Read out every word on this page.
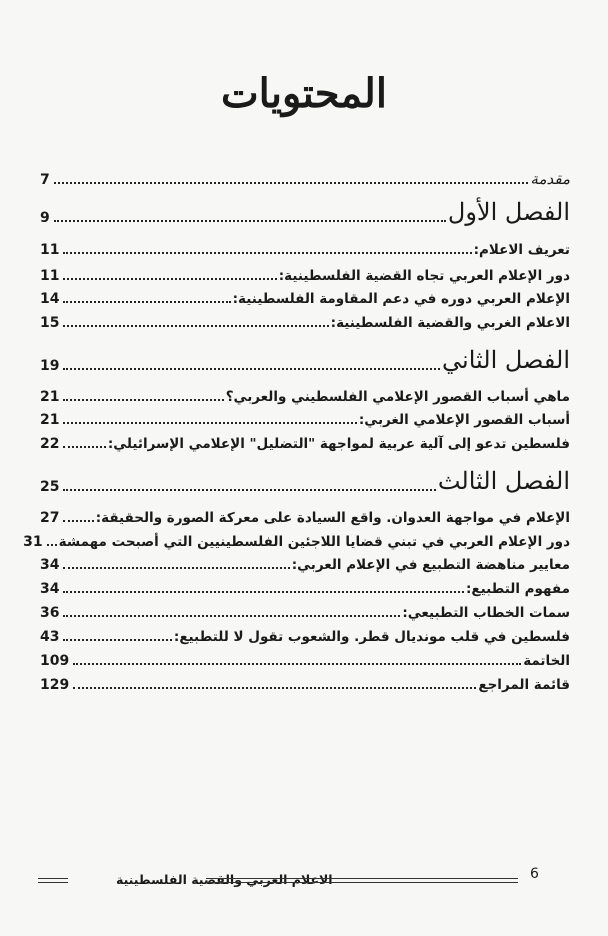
المحتويات
مقدمة
7
الفصل الأول
9
تعريف الاعلام:
11
دور الإعلام العربي تجاه القضية الفلسطينية:
11
الإعلام العربي دوره في دعم المقاومة الفلسطينية:
14
الاعلام الغربي والقضية الفلسطينية:
15
الفصل الثاني
19
ماهي أسباب القصور الإعلامي الفلسطيني والعربي؟
21
أسباب القصور الإعلامي الغربي:
21
فلسطين تدعو إلى آلية عربية لمواجهة "التضليل" الإعلامي الإسرائيلي:
22
الفصل الثالث
25
الإعلام في مواجهة العدوان. واقع السيادة على معركة الصورة والحقيقة:
27
دور الإعلام العربي في تبني قضايا اللاجئين الفلسطينيين التي أصبحت مهمشة
31
معايير مناهضة التطبيع في الإعلام العربي:
34
مفهوم التطبيع:
34
سمات الخطاب التطبيعي:
36
فلسطين في قلب مونديال قطر. والشعوب تقول لا للتطبيع:
43
الخاتمة
109
قائمة المراجع
129
الاعلام العربي والقضية الفلسطينية	6
